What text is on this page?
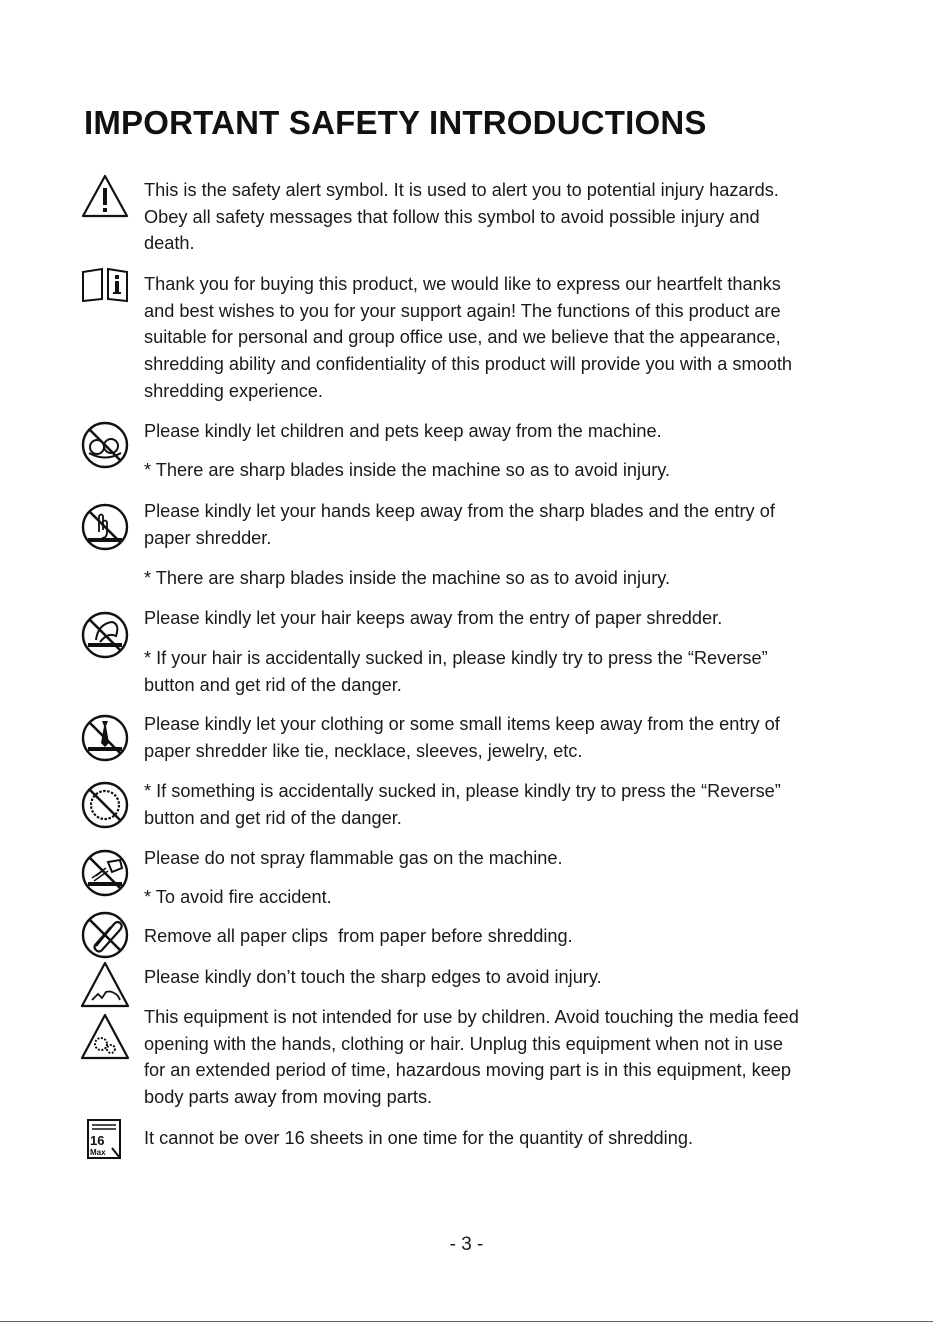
IMPORTANT SAFETY INTRODUCTIONS

This is the safety alert symbol. It is used to alert you to potential injury hazards.
Obey all safety messages that follow this symbol to avoid possible injury and
death.

Thank you for buying this product, we would like to express our heartfelt thanks
and best wishes to you for your support again! The functions of this product are
suitable for personal and group office use, and we believe that the appearance,
shredding ability and confidentiality of this product will provide you with a smooth
shredding experience.

Please kindly let children and pets keep away from the machine.

* There are sharp blades inside the machine so as to avoid injury.

Please kindly let your hands keep away from the sharp blades and the entry of
paper shredder.

* There are sharp blades inside the machine so as to avoid injury.

Please kindly let your hair keeps away from the entry of paper shredder.

* If your hair is accidentally sucked in, please kindly try to press the “Reverse”
button and get rid of the danger.

Please kindly let your clothing or some small items keep away from the entry of
paper shredder like tie, necklace, sleeves, jewelry, etc.

* If something is accidentally sucked in, please kindly try to press the “Reverse”
button and get rid of the danger.

Please do not spray flammable gas on the machine.

* To avoid fire accident.

Remove all paper clips  from paper before shredding.

Please kindly don’t touch the sharp edges to avoid injury.

This equipment is not intended for use by children. Avoid touching the media feed
opening with the hands, clothing or hair. Unplug this equipment when not in use
for an extended period of time, hazardous moving part is in this equipment, keep
body parts away from moving parts.

16
Max

It cannot be over 16 sheets in one time for the quantity of shredding.

- 3 -
